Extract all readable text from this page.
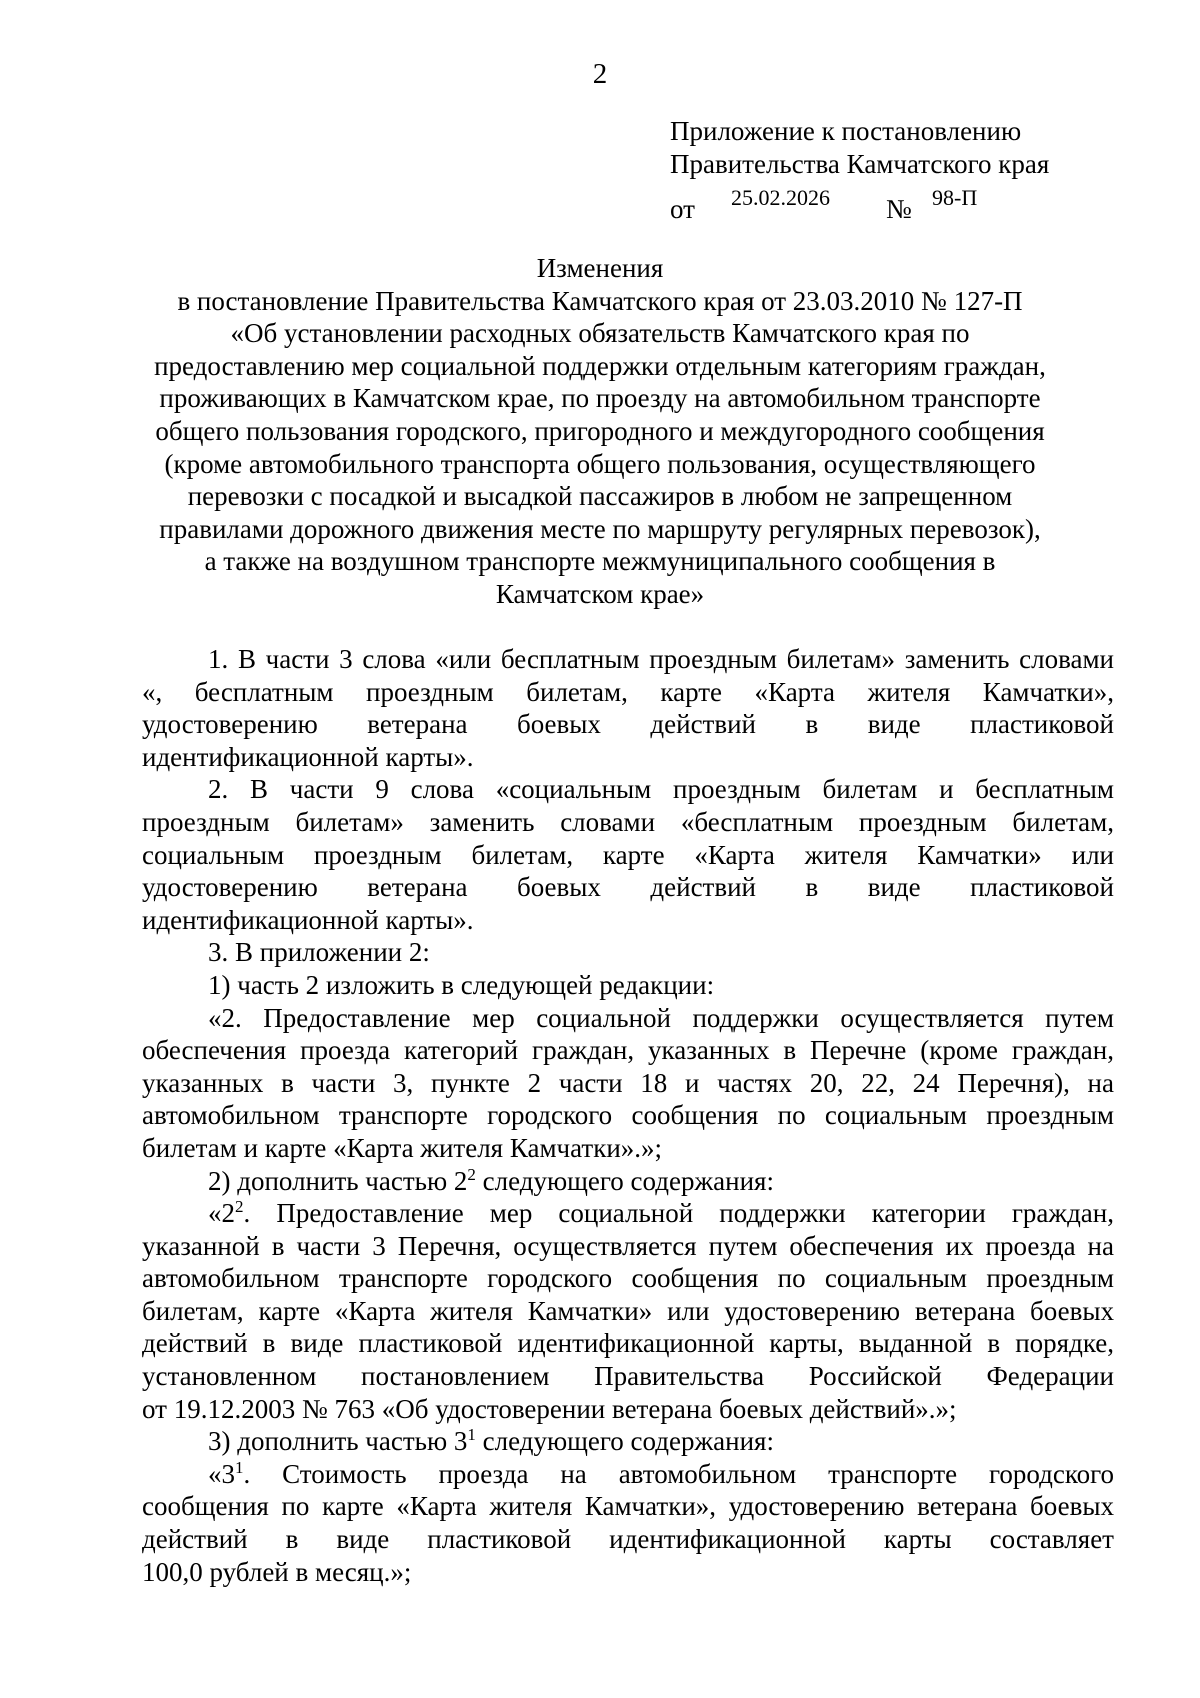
2
Приложение к постановлению
Правительства Камчатского края
от 25.02.2026 № 98-П
Изменения
в постановление Правительства Камчатского края от 23.03.2010 № 127-П
«Об установлении расходных обязательств Камчатского края по
предоставлению мер социальной поддержки отдельным категориям граждан,
проживающих в Камчатском крае, по проезду на автомобильном транспорте
общего пользования городского, пригородного и междугородного сообщения
(кроме автомобильного транспорта общего пользования, осуществляющего
перевозки с посадкой и высадкой пассажиров в любом не запрещенном
правилами дорожного движения месте по маршруту регулярных перевозок),
а также на воздушном транспорте межмуниципального сообщения в
Камчатском крае»
1. В части 3 слова «или бесплатным проездным билетам» заменить словами
«, бесплатным проездным билетам, карте «Карта жителя Камчатки»,
удостоверению ветерана боевых действий в виде пластиковой
идентификационной карты».
2. В части 9 слова «социальным проездным билетам и бесплатным
проездным билетам» заменить словами «бесплатным проездным билетам,
социальным проездным билетам, карте «Карта жителя Камчатки» или
удостоверению ветерана боевых действий в виде пластиковой
идентификационной карты».
3. В приложении 2:
1) часть 2 изложить в следующей редакции:
«2. Предоставление мер социальной поддержки осуществляется путем
обеспечения проезда категорий граждан, указанных в Перечне (кроме граждан,
указанных в части 3, пункте 2 части 18 и частях 20, 22, 24 Перечня), на
автомобильном транспорте городского сообщения по социальным проездным
билетам и карте «Карта жителя Камчатки».»;
2) дополнить частью $2^2$ следующего содержания:
«$2^2$. Предоставление мер социальной поддержки категории граждан,
указанной в части 3 Перечня, осуществляется путем обеспечения их проезда на
автомобильном транспорте городского сообщения по социальным проездным
билетам, карте «Карта жителя Камчатки» или удостоверению ветерана боевых
действий в виде пластиковой идентификационной карты, выданной в порядке,
установленном постановлением Правительства Российской Федерации
от 19.12.2003 № 763 «Об удостоверении ветерана боевых действий».»;
3) дополнить частью $3^1$ следующего содержания:
«$3^1$. Стоимость проезда на автомобильном транспорте городского
сообщения по карте «Карта жителя Камчатки», удостоверению ветерана боевых
действий в виде пластиковой идентификационной карты составляет
100,0 рублей в месяц.»;
